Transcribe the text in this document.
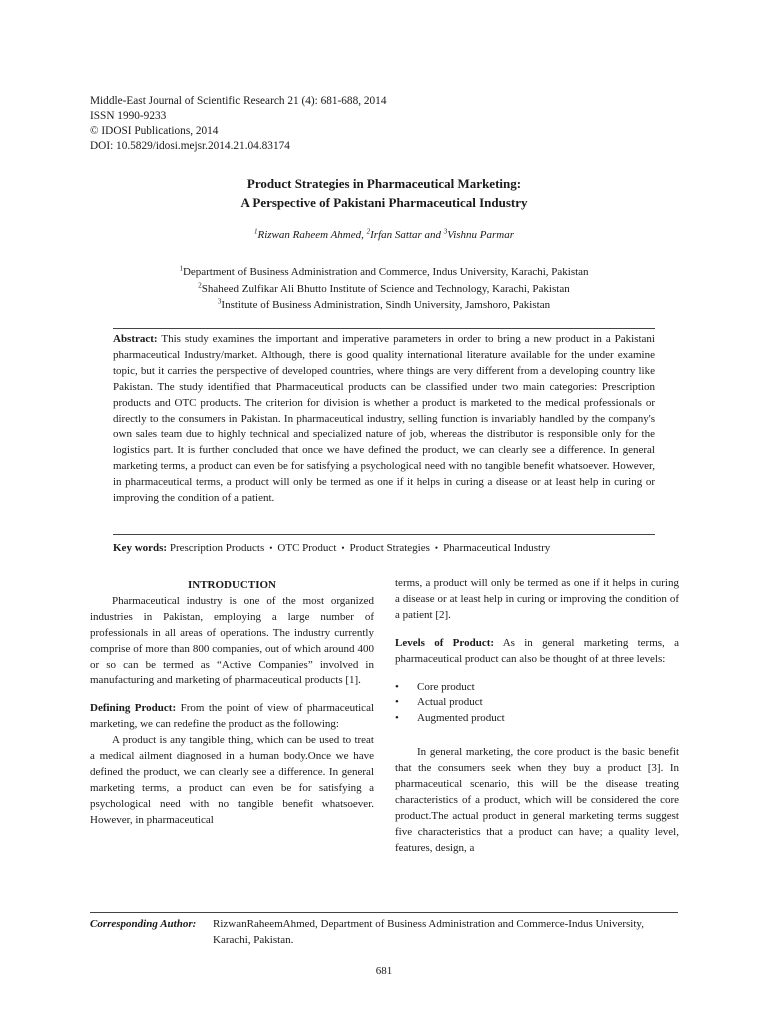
Middle-East Journal of Scientific Research 21 (4): 681-688, 2014
ISSN 1990-9233
© IDOSI Publications, 2014
DOI: 10.5829/idosi.mejsr.2014.21.04.83174
Product Strategies in Pharmaceutical Marketing:
A Perspective of Pakistani Pharmaceutical Industry
$^1$Rizwan Raheem Ahmed, $^2$Irfan Sattar and $^3$Vishnu Parmar
$^1$Department of Business Administration and Commerce, Indus University, Karachi, Pakistan
$^2$Shaheed Zulfikar Ali Bhutto Institute of Science and Technology, Karachi, Pakistan
$^3$Institute of Business Administration, Sindh University, Jamshoro, Pakistan
Abstract: This study examines the important and imperative parameters in order to bring a new product in a Pakistani pharmaceutical Industry/market. Although, there is good quality international literature available for the under examine topic, but it carries the perspective of developed countries, where things are very different from a developing country like Pakistan. The study identified that Pharmaceutical products can be classified under two main categories: Prescription products and OTC products. The criterion for division is whether a product is marketed to the medical professionals or directly to the consumers in Pakistan. In pharmaceutical industry, selling function is invariably handled by the company's own sales team due to highly technical and specialized nature of job, whereas the distributor is responsible only for the logistics part. It is further concluded that once we have defined the product, we can clearly see a difference. In general marketing terms, a product can even be for satisfying a psychological need with no tangible benefit whatsoever. However, in pharmaceutical terms, a product will only be termed as one if it helps in curing a disease or at least help in curing or improving the condition of a patient.
Key words: Prescription Products • OTC Product • Product Strategies • Pharmaceutical Industry

INTRODUCTION

Pharmaceutical industry is one of the most organized industries in Pakistan, employing a large number of professionals in all areas of operations. The industry currently comprise of more than 800 companies, out of which around 400 or so can be termed as “Active Companies” involved in manufacturing and marketing of pharmaceutical products [1].

Defining Product: From the point of view of pharmaceutical marketing, we can redefine the product as the following:

A product is any tangible thing, which can be used to treat a medical ailment diagnosed in a human body.Once we have defined the product, we can clearly see a difference. In general marketing terms, a product can even be for satisfying a psychological need with no tangible benefit whatsoever. However, in pharmaceutical

terms, a product will only be termed as one if it helps in curing a disease or at least help in curing or improving the condition of a patient [2].

Levels of Product: As in general marketing terms, a pharmaceutical product can also be thought of at three levels:

• Core product
• Actual product
• Augmented product

In general marketing, the core product is the basic benefit that the consumers seek when they buy a product [3]. In pharmaceutical scenario, this will be the disease treating characteristics of a product, which will be considered the core product.The actual product in general marketing terms suggest five characteristics that a product can have; a quality level, features, design, a

Corresponding Author: RizwanRaheemAhmed, Department of Business Administration and Commerce-Indus University, Karachi, Pakistan.
681
